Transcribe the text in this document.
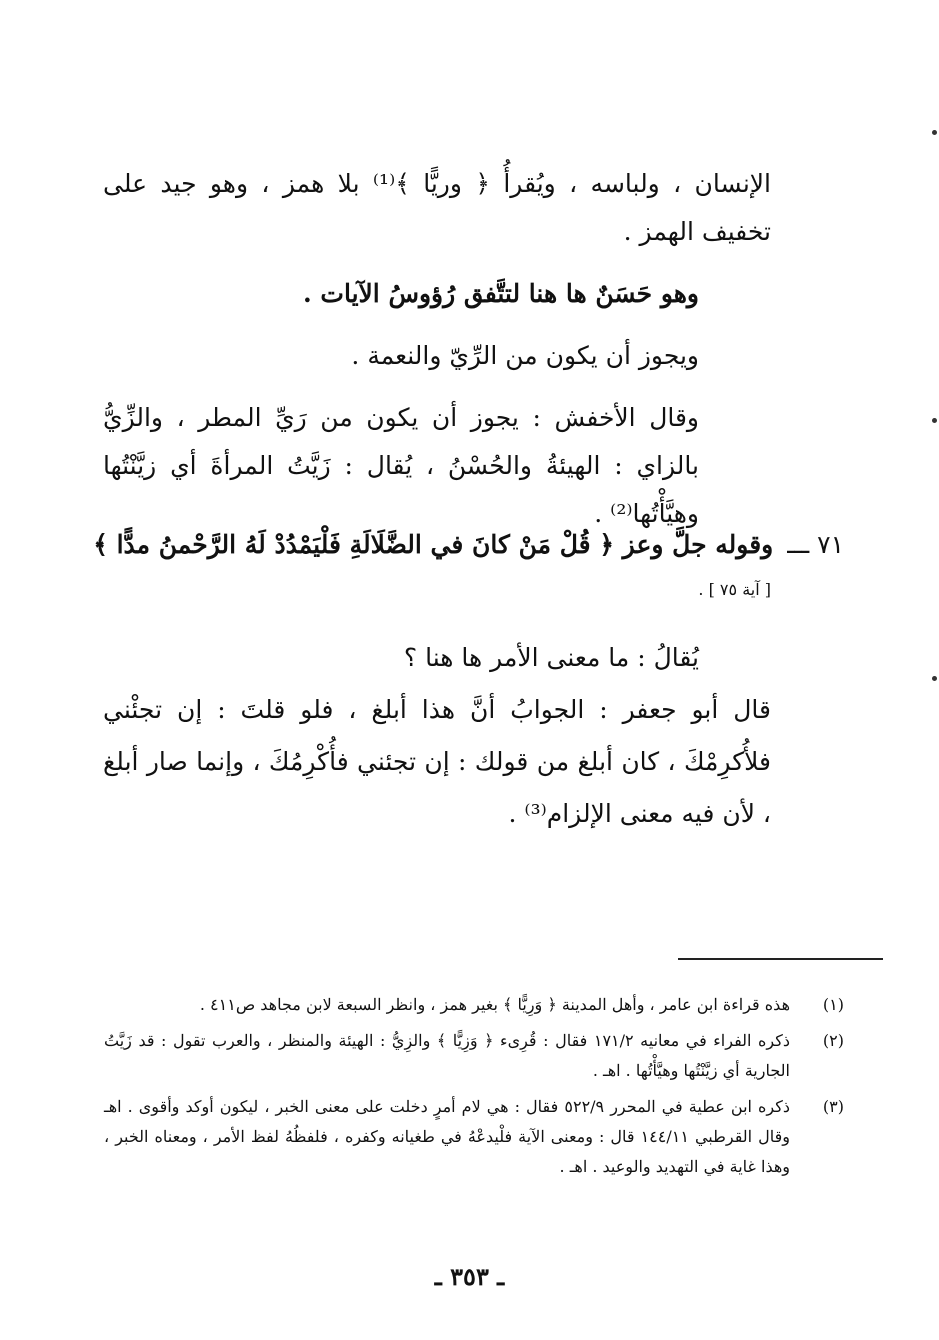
الإنسان ، ولباسه ، ويُقرأُ ﴿ وريًّا ﴾⁽¹⁾ بلا همز ، وهو جيد على تخفيف الهمز .

وهو حَسَنٌ ها هنا لتتَّفق رُؤوسُ الآيات .

ويجوز أن يكون من الرِّيّ والنعمة .

وقال الأخفش : يجوز أن يكون من رَيِّ المطر ، والزِّيُّ بالزاي : الهيئةُ والحُسْنُ ، يُقال : زَيَّتُ المرأةَ أي زيَّنْتُها وهيَّأْتُها⁽²⁾ .

٧١ ـــوقوله جلَّ وعز ﴿ قُلْ مَنْ كانَ في الضَّلَالَةِ فَلْيَمْدُدْ لَهُ الرَّحْمنُ مدًّا ﴾
[ آية ٧٥ ] .

يُقالُ : ما معنى الأمر ها هنا ؟

قال أبو جعفر : الجوابُ أنَّ هذا أبلغ ، فلو قلتَ : إن تجئْني فلأُكرِمْكَ ، كان أبلغ من قولك : إن تجئني فأُكْرِمُكَ ، وإنما صار أبلغ ، لأن فيه معنى الإلزام⁽³⁾ .

(١)
هذه قراءة ابن عامر ، وأهل المدينة ﴿ وَرِيًّا ﴾ بغير همز ، وانظر السبعة لابن مجاهد ص٤١١ .
(٢)
ذكره الفراء في معانيه ١٧١/٢ فقال : قُرِىء ﴿ وَزِيًّا ﴾ والزِيُّ : الهيئة والمنظر ، والعرب تقول : قد زَيَّتُ الجارية أي زيَّنْتُها وهيَّأْتُها . اهـ .
(٣)
ذكره ابن عطية في المحرر ٥٢٢/٩ فقال : هي لام أمرٍ دخلت على معنى الخبر ، ليكون أوكد وأقوى . اهـ وقال القرطبي ١٤٤/١١ قال : ومعنى الآية فلْيدعْهُ في طغيانه وكفره ، فلفظُهُ لفظ الأمر ، ومعناه الخبر ، وهذا غاية في التهديد والوعيد . اهـ .
ـ ٣٥٣ ـ
